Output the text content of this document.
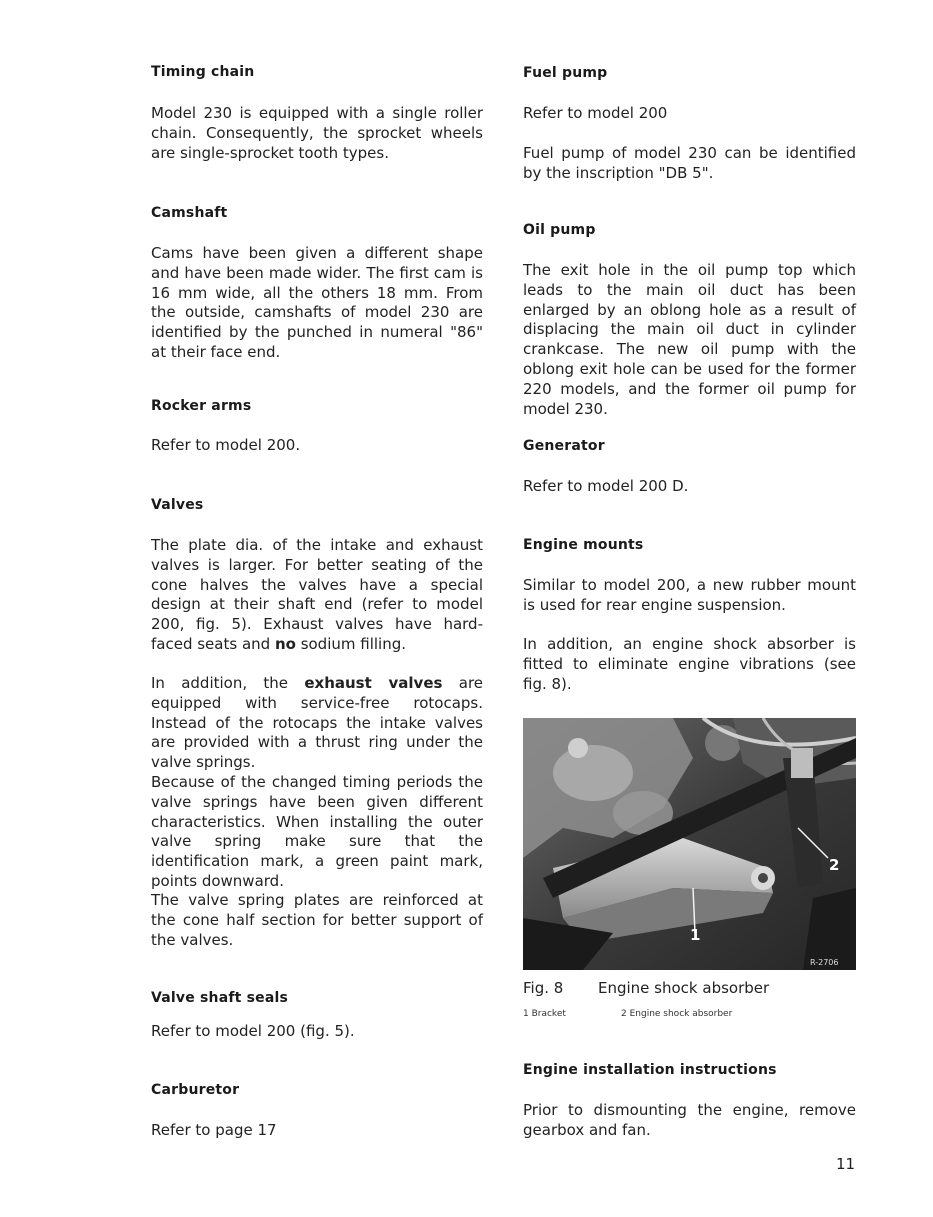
Timing chain

Model 230 is equipped with a single roller chain. Consequently, the sprocket wheels are single-sprocket tooth types.

Camshaft

Cams have been given a different shape and have been made wider. The first cam is 16 mm wide, all the others 18 mm. From the outside, camshafts of model 230 are identified by the punched in numeral "86" at their face end.

Rocker arms

Refer to model 200.

Valves

The plate dia. of the intake and exhaust valves is larger. For better seating of the cone halves the valves have a special design at their shaft end (refer to model 200, fig. 5). Exhaust valves have hard-faced seats and no sodium filling.

In addition, the exhaust valves are equipped with service-free rotocaps. Instead of the rotocaps the intake valves are provided with a thrust ring under the valve springs.

Because of the changed timing periods the valve springs have been given different characteristics. When installing the outer valve spring make sure that the identification mark, a green paint mark, points downward.

The valve spring plates are reinforced at the cone half section for better support of the valves.

Valve shaft seals

Refer to model 200 (fig. 5).

Carburetor

Refer to page 17

Fuel pump

Refer to model 200

Fuel pump of model 230 can be identified by the inscription "DB 5".

Oil pump

The exit hole in the oil pump top which leads to the main oil duct has been enlarged by an oblong hole as a result of displacing the main oil duct in cylinder crankcase. The new oil pump with the oblong exit hole can be used for the former 220 models, and the former oil pump for model 230.

Generator

Refer to model 200 D.

Engine mounts

Similar to model 200, a new rubber mount is used for rear engine suspension.

In addition, an engine shock absorber is fitted to eliminate engine vibrations (see fig. 8).

1
2
R-2706
Fig. 8 Engine shock absorber
1 Bracket	2 Engine shock absorber
Engine installation instructions

Prior to dismounting the engine, remove gearbox and fan.

11
